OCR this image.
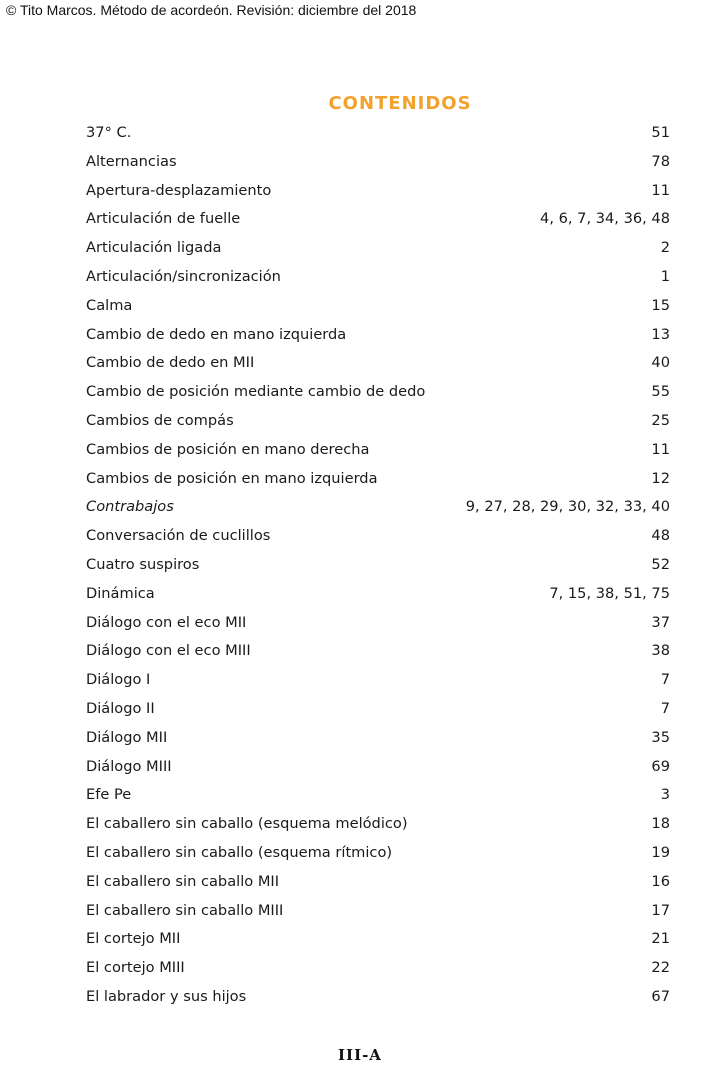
© Tito Marcos. Método de acordeón. Revisión: diciembre del 2018
contenidos
37° C.	51
Alternancias	78
Apertura-desplazamiento	11
Articulación de fuelle	4, 6, 7, 34, 36, 48
Articulación ligada	2
Articulación/sincronización	1
Calma	15
Cambio de dedo en mano izquierda	13
Cambio de dedo en MII	40
Cambio de posición mediante cambio de dedo	55
Cambios de compás	25
Cambios de posición en mano derecha	11
Cambios de posición en mano izquierda	12
Contrabajos	9, 27, 28, 29, 30, 32, 33, 40
Conversación de cuclillos	48
Cuatro suspiros	52
Dinámica	7, 15, 38, 51, 75
Diálogo con el eco MII	37
Diálogo con el eco MIII	38
Diálogo I	7
Diálogo II	7
Diálogo MII	35
Diálogo MIII	69
Efe Pe	3
El caballero sin caballo (esquema melódico)	18
El caballero sin caballo (esquema rítmico)	19
El caballero sin caballo MII	16
El caballero sin caballo MIII	17
El cortejo MII	21
El cortejo MIII	22
El labrador y sus hijos	67
III-A
